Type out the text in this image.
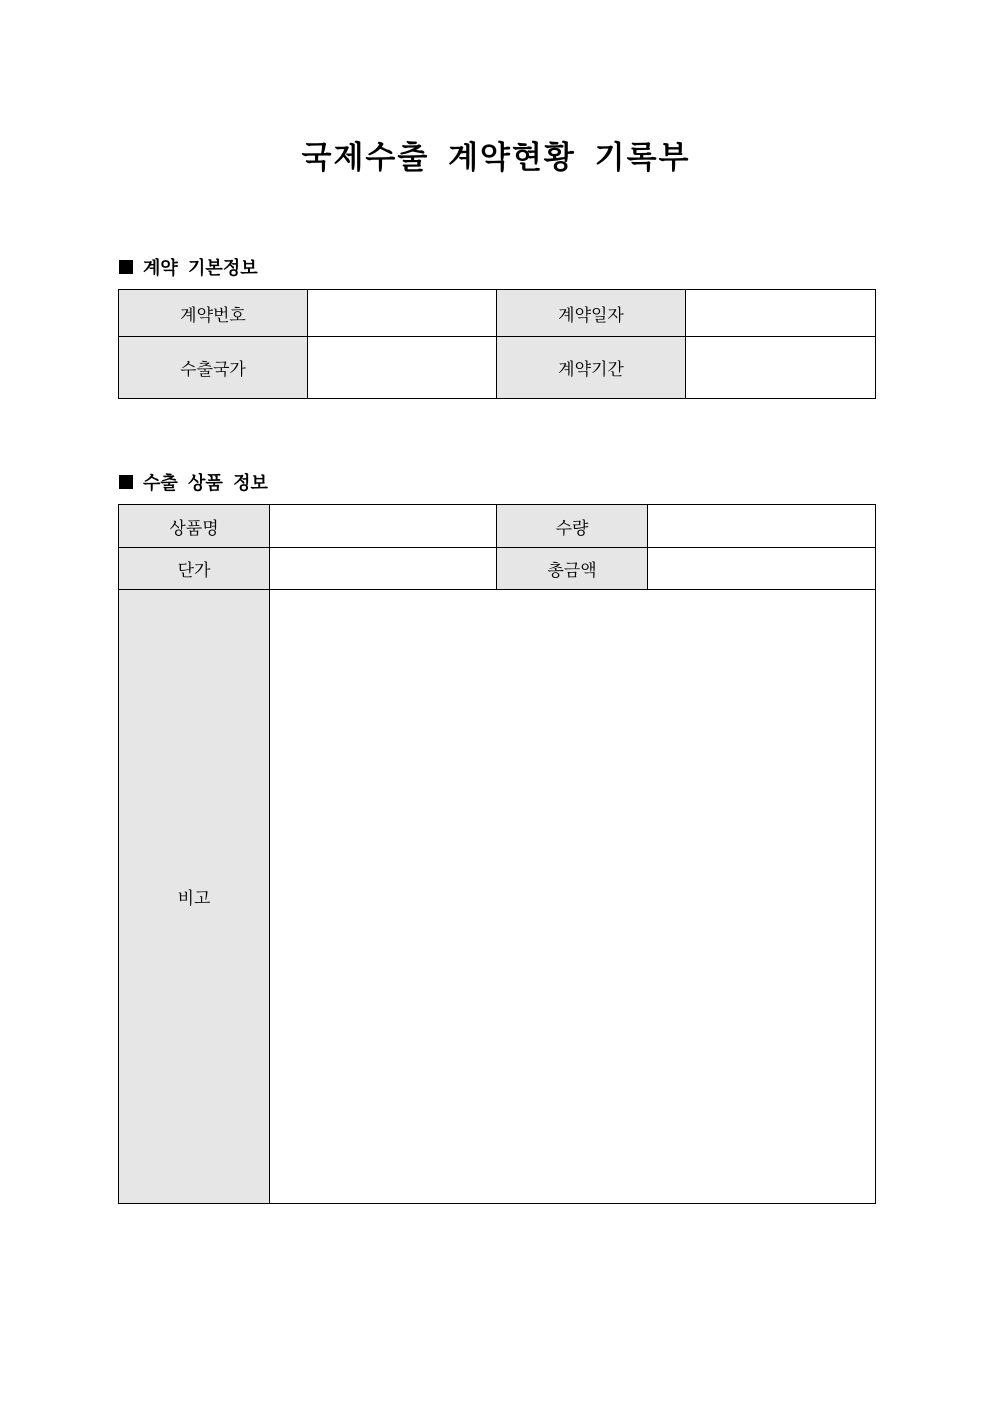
국제수출 계약현황 기록부
계약 기본정보
계약번호		계약일자	
수출국가		계약기간	
수출 상품 정보
상품명		수량	
단가		총금액	
비고			
